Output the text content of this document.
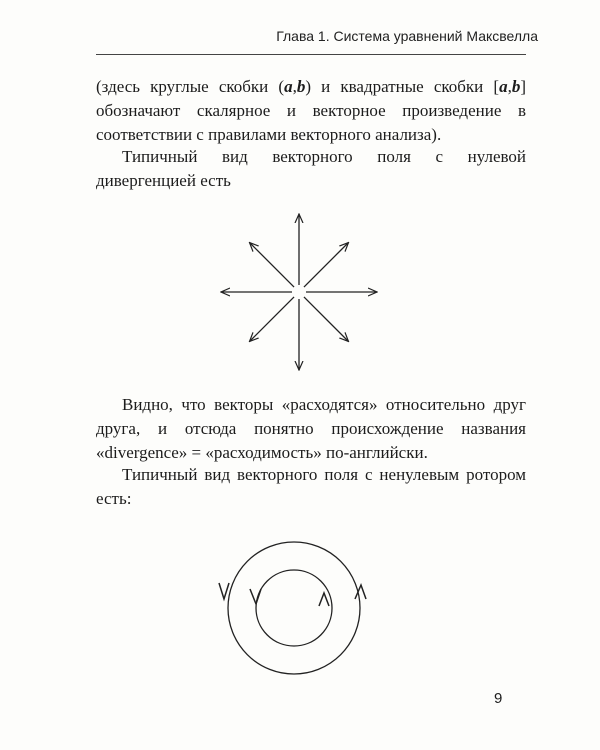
Глава 1. Система уравнений Максвелла
(здесь круглые скобки (a,b) и квадратные скобки [a,b] обозначают скалярное и векторное произведение в соответствии с правилами векторного анализа).
Типичный вид векторного поля с нулевой дивергенцией есть
Видно, что векторы «расходятся» относительно друг друга, и отсюда понятно происхождение названия «divergence» = «расходимость» по-английски.
Типичный вид векторного поля с ненулевым ротором есть:
9
